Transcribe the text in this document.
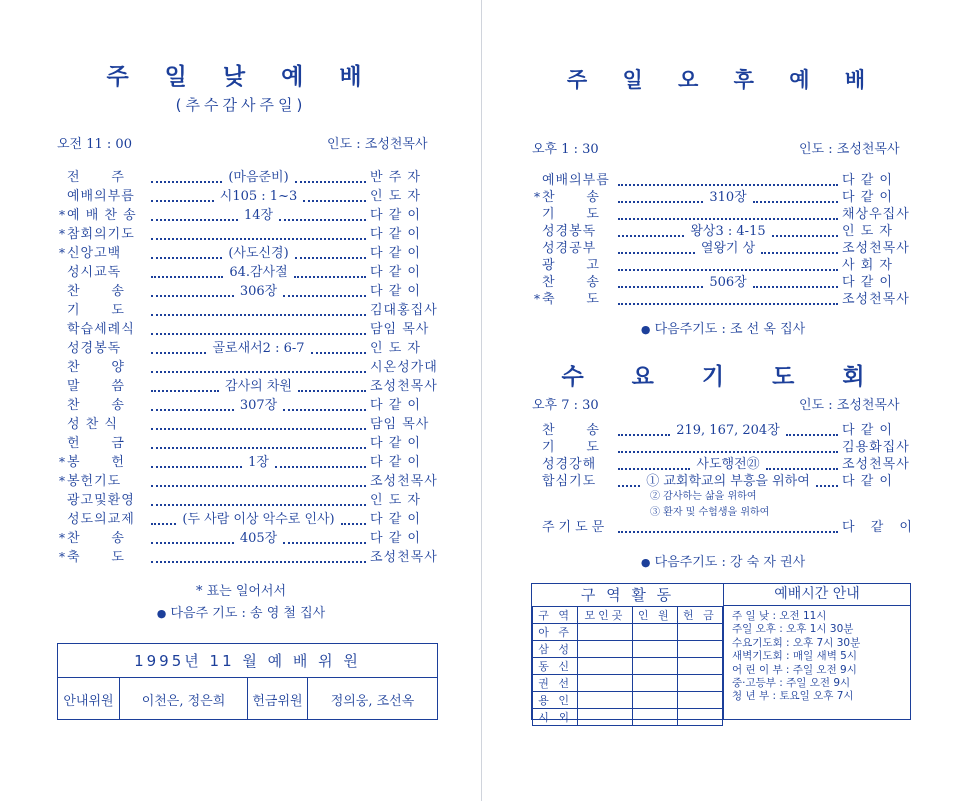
주 일 낮 예 배
(추수감사주일)
오전 11 : 00	인도 : 조성천목사
전      주	(마음준비)	반 주 자
예배의부름	시105 : 1~3	인 도 자
* 예 배 찬 송	14장	다 같 이
* 참회의기도	다 같 이
* 신앙고백	(사도신경)	다 같 이
성시교독	64.감사절	다 같 이
찬      송	306장	다 같 이
기      도	김대홍집사
학습세례식	담임 목사
성경봉독	골로새서2 : 6-7	인 도 자
찬      양	시온성가대
말      씀	감사의 차원	조성천목사
찬      송	307장	다 같 이
성 찬 식	담임 목사
헌      금	다 같 이
* 봉      헌	1장	다 같 이
* 봉헌기도	조성천목사
광고및환영	인 도 자
성도의교제	(두 사람 이상 악수로 인사)	다 같 이
* 찬      송	405장	다 같 이
* 축      도	조성천목사
* 표는 일어서서
● 다음주 기도 : 송 영 철 집사
1995년 11 월 예 배 위 원
안내위원	이천은, 정은희	헌금위원	정의웅, 조선옥
주 일 오 후 예 배
오후 1 : 30	인도 : 조성천목사
예배의부름	다 같 이
* 찬      송	310장	다 같 이
기      도	채상우집사
성경봉독	왕상3 : 4-15	인 도 자
성경공부	열왕기 상	조성천목사
광      고	사 회 자
찬      송	506장	다 같 이
* 축      도	조성천목사
● 다음주기도 : 조 선 옥 집사
수 요 기 도 회
오후 7 : 30	인도 : 조성천목사
찬      송	219, 167, 204장	다 같 이
기      도	김용화집사
성경강해	사도행전㉑	조성천목사
합심기도	① 교회학교의 부흥을 위하여	다 같 이
② 감사하는 삶을 위하여
③ 환자 및 수험생을 위하여
주기도문	다 같 이
● 다음주기도 : 강 숙 자 권사
구 역 활 동
구 역	모인곳	인 원	헌 금
아 주			
삼 성			
동 신			
권 선			
용 인			
시 외			
예배시간 안내
주 일 낮 : 오전 11시
주일 오후 : 오후 1시 30분
수요기도회 : 오후 7시 30분
새벽기도회 : 매일 새벽 5시
어 린 이 부 : 주일 오전 9시
중·고등부 : 주일 오전 9시
청 년 부 : 토요일 오후 7시
